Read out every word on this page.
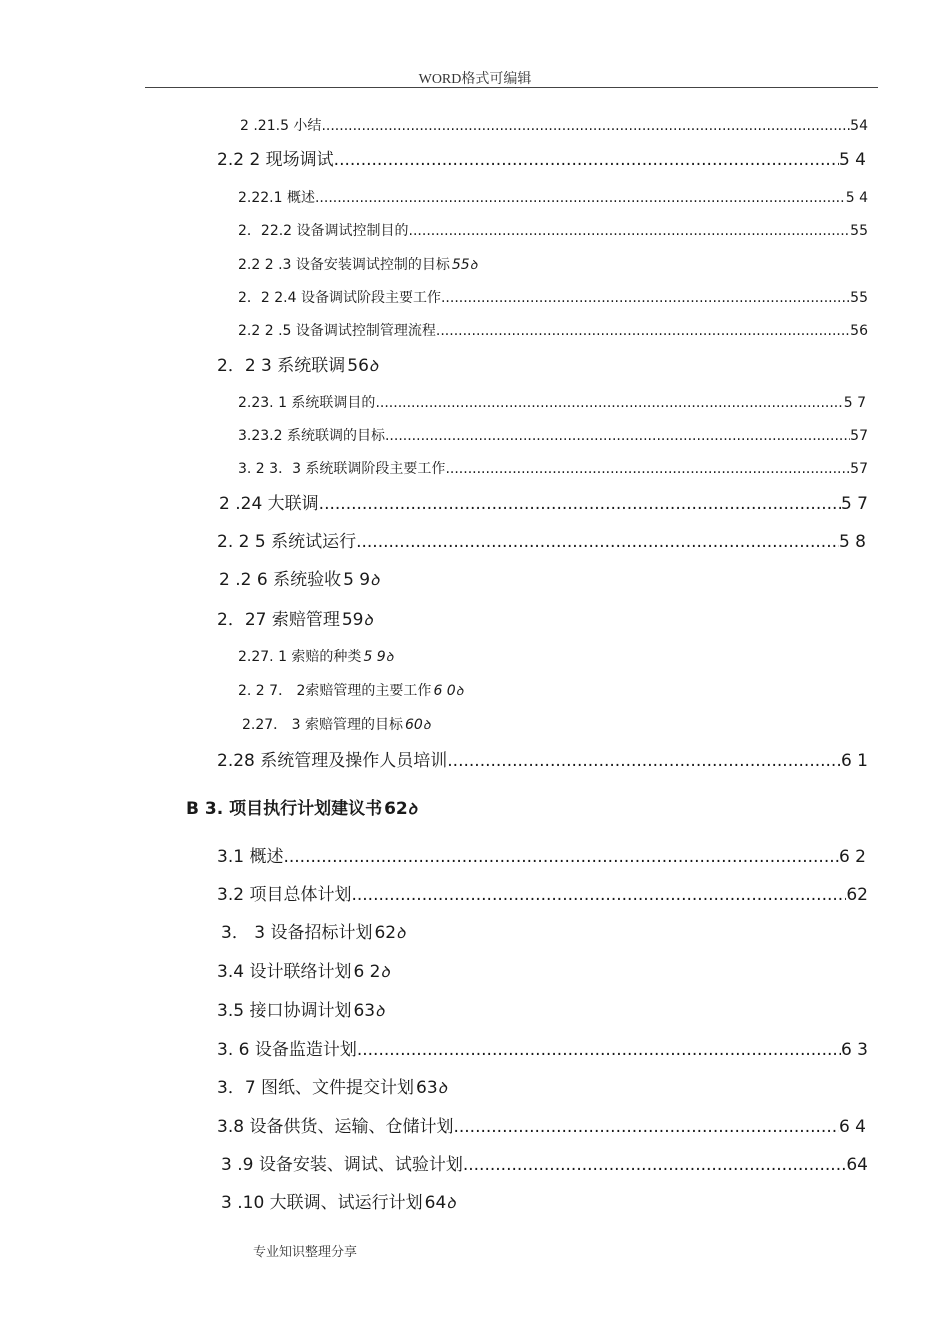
WORD格式可编辑
2 .21.5 小结 .....	54
2.2 2 现场调试 .....	5 4
2.22.1 概述 .....	5 4
2．22.2 设备调试控制目的 .....	55
2.2 2 .3 设备安装调试控制的目标 55 ꝺ
2．2 2.4 设备调试阶段主要工作 .....	55
2.2 2 .5 设备调试控制管理流程 .....	56
2．2 3 系统联调 56 ꝺ
2.23. 1 系统联调目的 .....	5 7
3.23.2 系统联调的目标 .....	57
3. 2 3．3 系统联调阶段主要工作 .....	57
2 .24 大联调 .....	5 7
2. 2 5 系统试运行 .....	5 8
2 .2 6 系统验收 5 9 ꝺ
2．27 索赔管理 59 ꝺ
2.27. 1 索赔的种类 5 9 ꝺ
2. 2 7． 2索赔管理的主要工作 6 0 ꝺ
2.27． 3 索赔管理的目标 60 ꝺ
2.28 系统管理及操作人员培训 .....	6 1
B 3. 项目执行计划建议书 62 ꝺ
3.1 概述 .....	6 2
3.2 项目总体计划 .....	62
3． 3 设备招标计划 62 ꝺ
3.4 设计联络计划 6 2 ꝺ
3.5 接口协调计划 63 ꝺ
3. 6 设备监造计划 .....	6 3
3．7 图纸、文件提交计划 63 ꝺ
3.8 设备供货、运输、仓储计划 .....	6 4
3 .9 设备安装、调试、试验计划 .....	64
3 .10 大联调、试运行计划 64 ꝺ
专业知识整理分享
